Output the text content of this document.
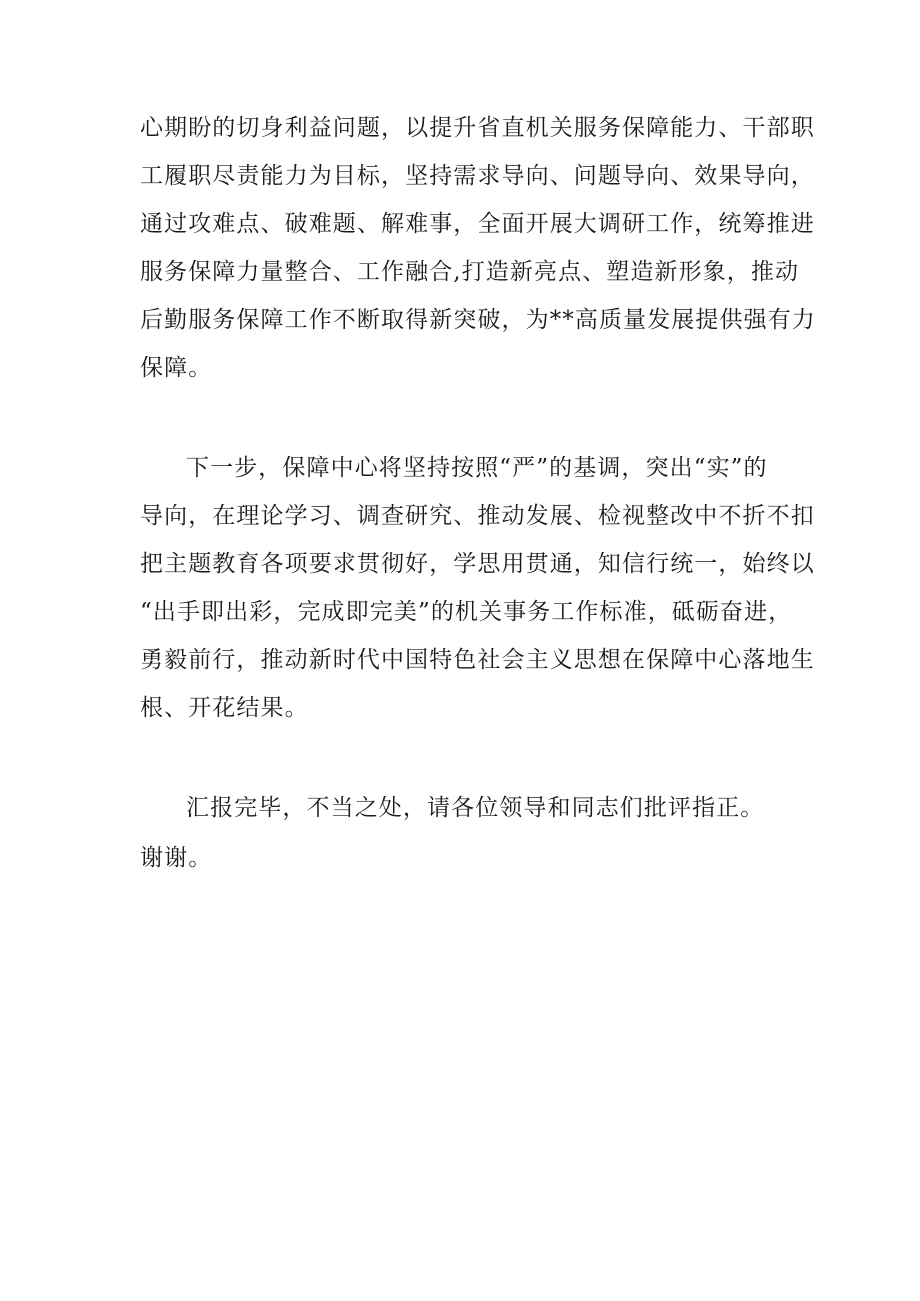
心期盼的切身利益问题，以提升省直机关服务保障能力、干部职
工履职尽责能力为目标，坚持需求导向、问题导向、效果导向，
通过攻难点、破难题、解难事，全面开展大调研工作，统筹推进
服务保障力量整合、工作融合,打造新亮点、塑造新形象，推动
后勤服务保障工作不断取得新突破，为**高质量发展提供强有力
保障。
下一步，保障中心将坚持按照“严”的基调，突出“实”的
导向，在理论学习、调查研究、推动发展、检视整改中不折不扣
把主题教育各项要求贯彻好，学思用贯通，知信行统一，始终以
“出手即出彩，完成即完美”的机关事务工作标准，砥砺奋进，
勇毅前行，推动新时代中国特色社会主义思想在保障中心落地生
根、开花结果。
汇报完毕，不当之处，请各位领导和同志们批评指正。
谢谢。
